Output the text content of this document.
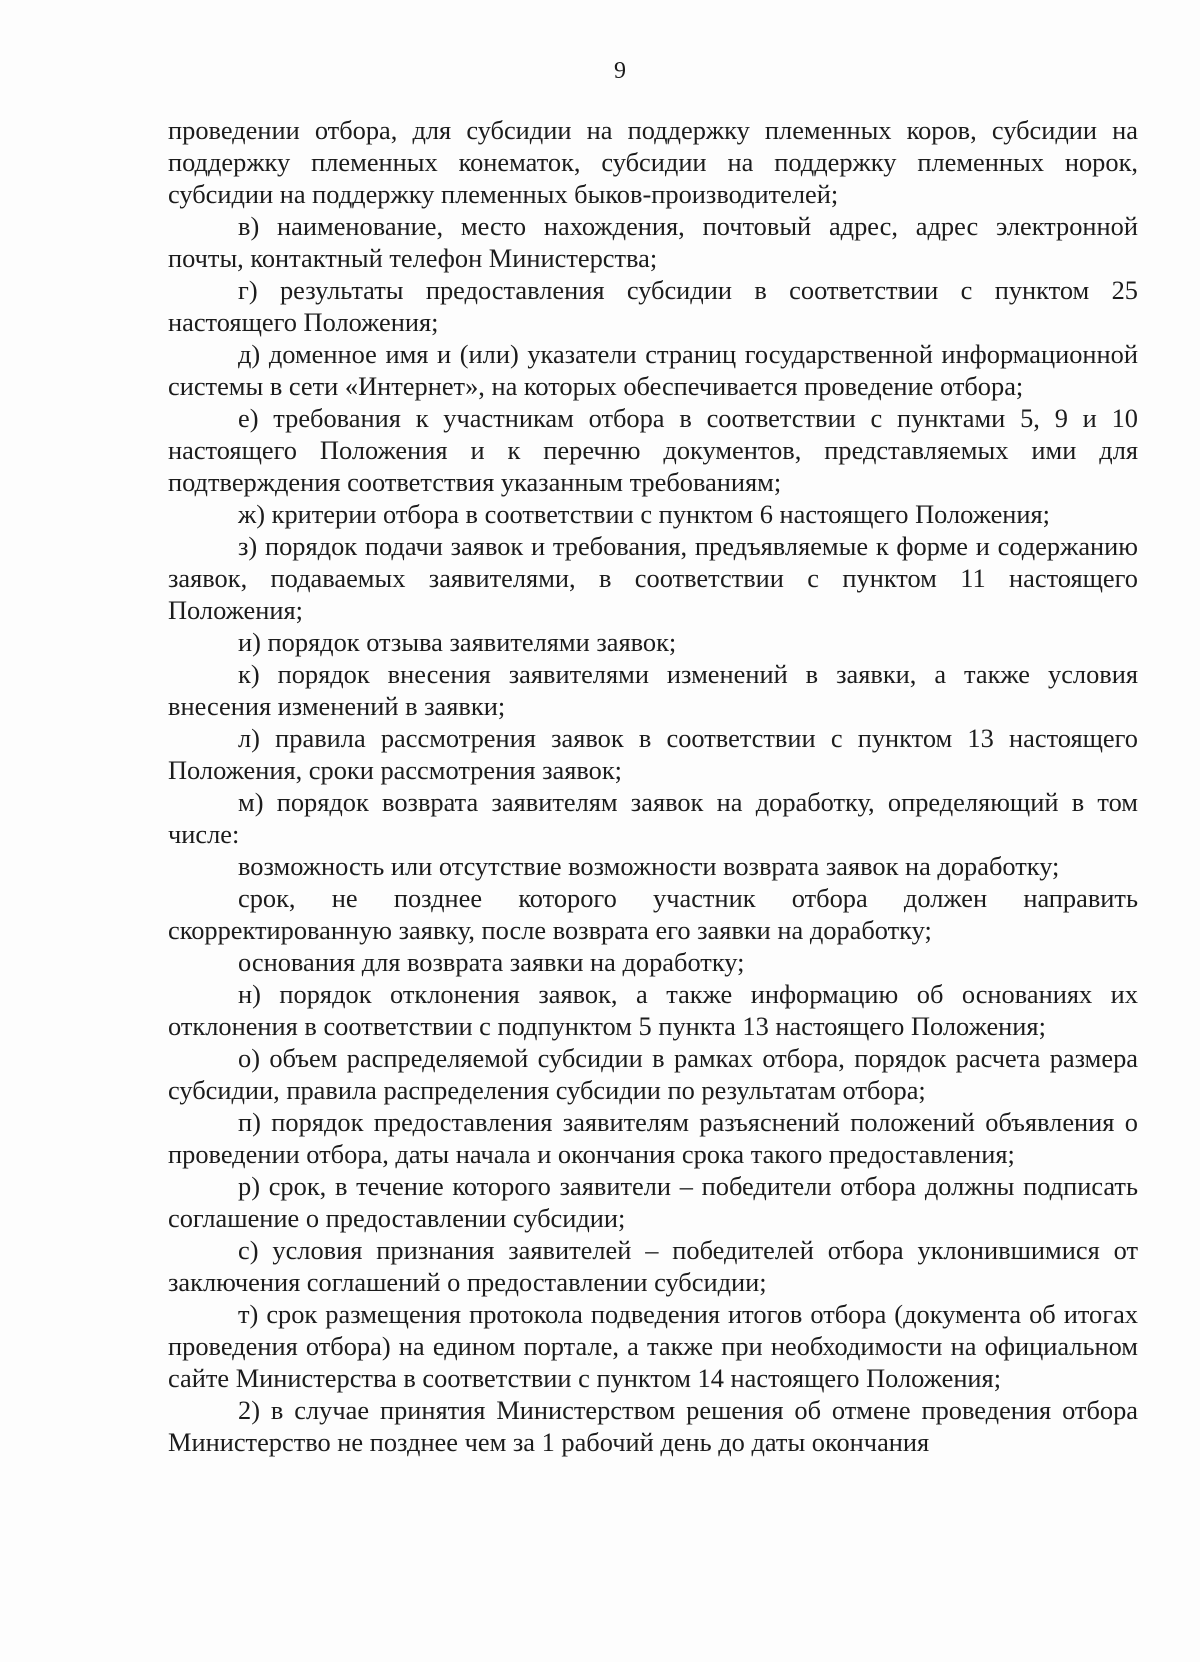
9

проведении отбора, для субсидии на поддержку племенных коров, субсидии на поддержку племенных конематок, субсидии на поддержку племенных норок, субсидии на поддержку племенных быков-производителей;

в) наименование, место нахождения, почтовый адрес, адрес электронной почты, контактный телефон Министерства;

г) результаты предоставления субсидии в соответствии с пунктом 25 настоящего Положения;

д) доменное имя и (или) указатели страниц государственной информационной системы в сети «Интернет», на которых обеспечивается проведение отбора;

е) требования к участникам отбора в соответствии с пунктами 5, 9 и 10 настоящего Положения и к перечню документов, представляемых ими для подтверждения соответствия указанным требованиям;

ж) критерии отбора в соответствии с пунктом 6 настоящего Положения;

з) порядок подачи заявок и требования, предъявляемые к форме и содержанию заявок, подаваемых заявителями, в соответствии с пунктом 11 настоящего Положения;

и) порядок отзыва заявителями заявок;

к) порядок внесения заявителями изменений в заявки, а также условия внесения изменений в заявки;

л) правила рассмотрения заявок в соответствии с пунктом 13 настоящего Положения, сроки рассмотрения заявок;

м) порядок возврата заявителям заявок на доработку, определяющий в том числе:

возможность или отсутствие возможности возврата заявок на доработку;

срок, не позднее которого участник отбора должен направить скорректированную заявку, после возврата его заявки на доработку;

основания для возврата заявки на доработку;

н) порядок отклонения заявок, а также информацию об основаниях их отклонения в соответствии с подпунктом 5 пункта 13 настоящего Положения;

о) объем распределяемой субсидии в рамках отбора, порядок расчета размера субсидии, правила распределения субсидии по результатам отбора;

п) порядок предоставления заявителям разъяснений положений объявления о проведении отбора, даты начала и окончания срока такого предоставления;

р) срок, в течение которого заявители – победители отбора должны подписать соглашение о предоставлении субсидии;

с) условия признания заявителей – победителей отбора уклонившимися от заключения соглашений о предоставлении субсидии;

т) срок размещения протокола подведения итогов отбора (документа об итогах проведения отбора) на едином портале, а также при необходимости на официальном сайте Министерства в соответствии с пунктом 14 настоящего Положения;

2) в случае принятия Министерством решения об отмене проведения отбора Министерство не позднее чем за 1 рабочий день до даты окончания
